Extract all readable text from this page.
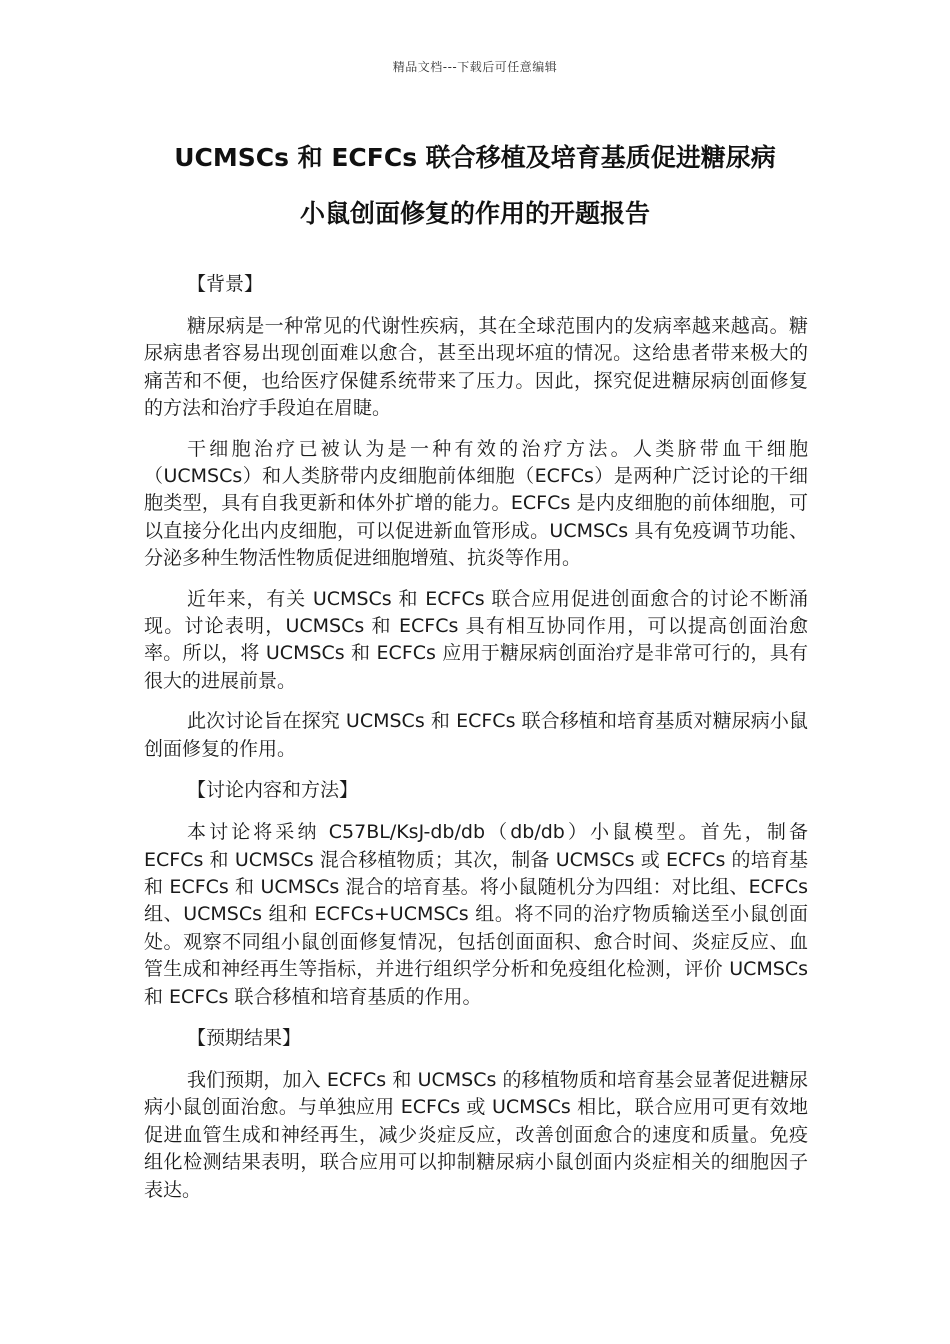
精品文档---下载后可任意编辑
UCMSCs 和 ECFCs 联合移植及培育基质促进糖尿病
小鼠创面修复的作用的开题报告
【背景】

糖尿病是一种常见的代谢性疾病，其在全球范围内的发病率越来越高。糖尿病患者容易出现创面难以愈合，甚至出现坏疽的情况。这给患者带来极大的痛苦和不便，也给医疗保健系统带来了压力。因此，探究促进糖尿病创面修复的方法和治疗手段迫在眉睫。

干细胞治疗已被认为是一种有效的治疗方法。人类脐带血干细胞（UCMSCs）和人类脐带内皮细胞前体细胞（ECFCs）是两种广泛讨论的干细胞类型，具有自我更新和体外扩增的能力。ECFCs 是内皮细胞的前体细胞，可以直接分化出内皮细胞，可以促进新血管形成。UCMSCs 具有免疫调节功能、分泌多种生物活性物质促进细胞增殖、抗炎等作用。

近年来，有关 UCMSCs 和 ECFCs 联合应用促进创面愈合的讨论不断涌现。讨论表明，UCMSCs 和 ECFCs 具有相互协同作用，可以提高创面治愈率。所以，将 UCMSCs 和 ECFCs 应用于糖尿病创面治疗是非常可行的，具有很大的进展前景。

此次讨论旨在探究 UCMSCs 和 ECFCs 联合移植和培育基质对糖尿病小鼠创面修复的作用。

【讨论内容和方法】

本讨论将采纳 C57BL/KsJ-db/db（db/db）小鼠模型。首先，制备 ECFCs 和 UCMSCs 混合移植物质；其次，制备 UCMSCs 或 ECFCs 的培育基和 ECFCs 和 UCMSCs 混合的培育基。将小鼠随机分为四组：对比组、ECFCs 组、UCMSCs 组和 ECFCs+UCMSCs 组。将不同的治疗物质输送至小鼠创面处。观察不同组小鼠创面修复情况，包括创面面积、愈合时间、炎症反应、血管生成和神经再生等指标，并进行组织学分析和免疫组化检测，评价 UCMSCs 和 ECFCs 联合移植和培育基质的作用。

【预期结果】

我们预期，加入 ECFCs 和 UCMSCs 的移植物质和培育基会显著促进糖尿病小鼠创面治愈。与单独应用 ECFCs 或 UCMSCs 相比，联合应用可更有效地促进血管生成和神经再生，减少炎症反应，改善创面愈合的速度和质量。免疫组化检测结果表明，联合应用可以抑制糖尿病小鼠创面内炎症相关的细胞因子表达。
